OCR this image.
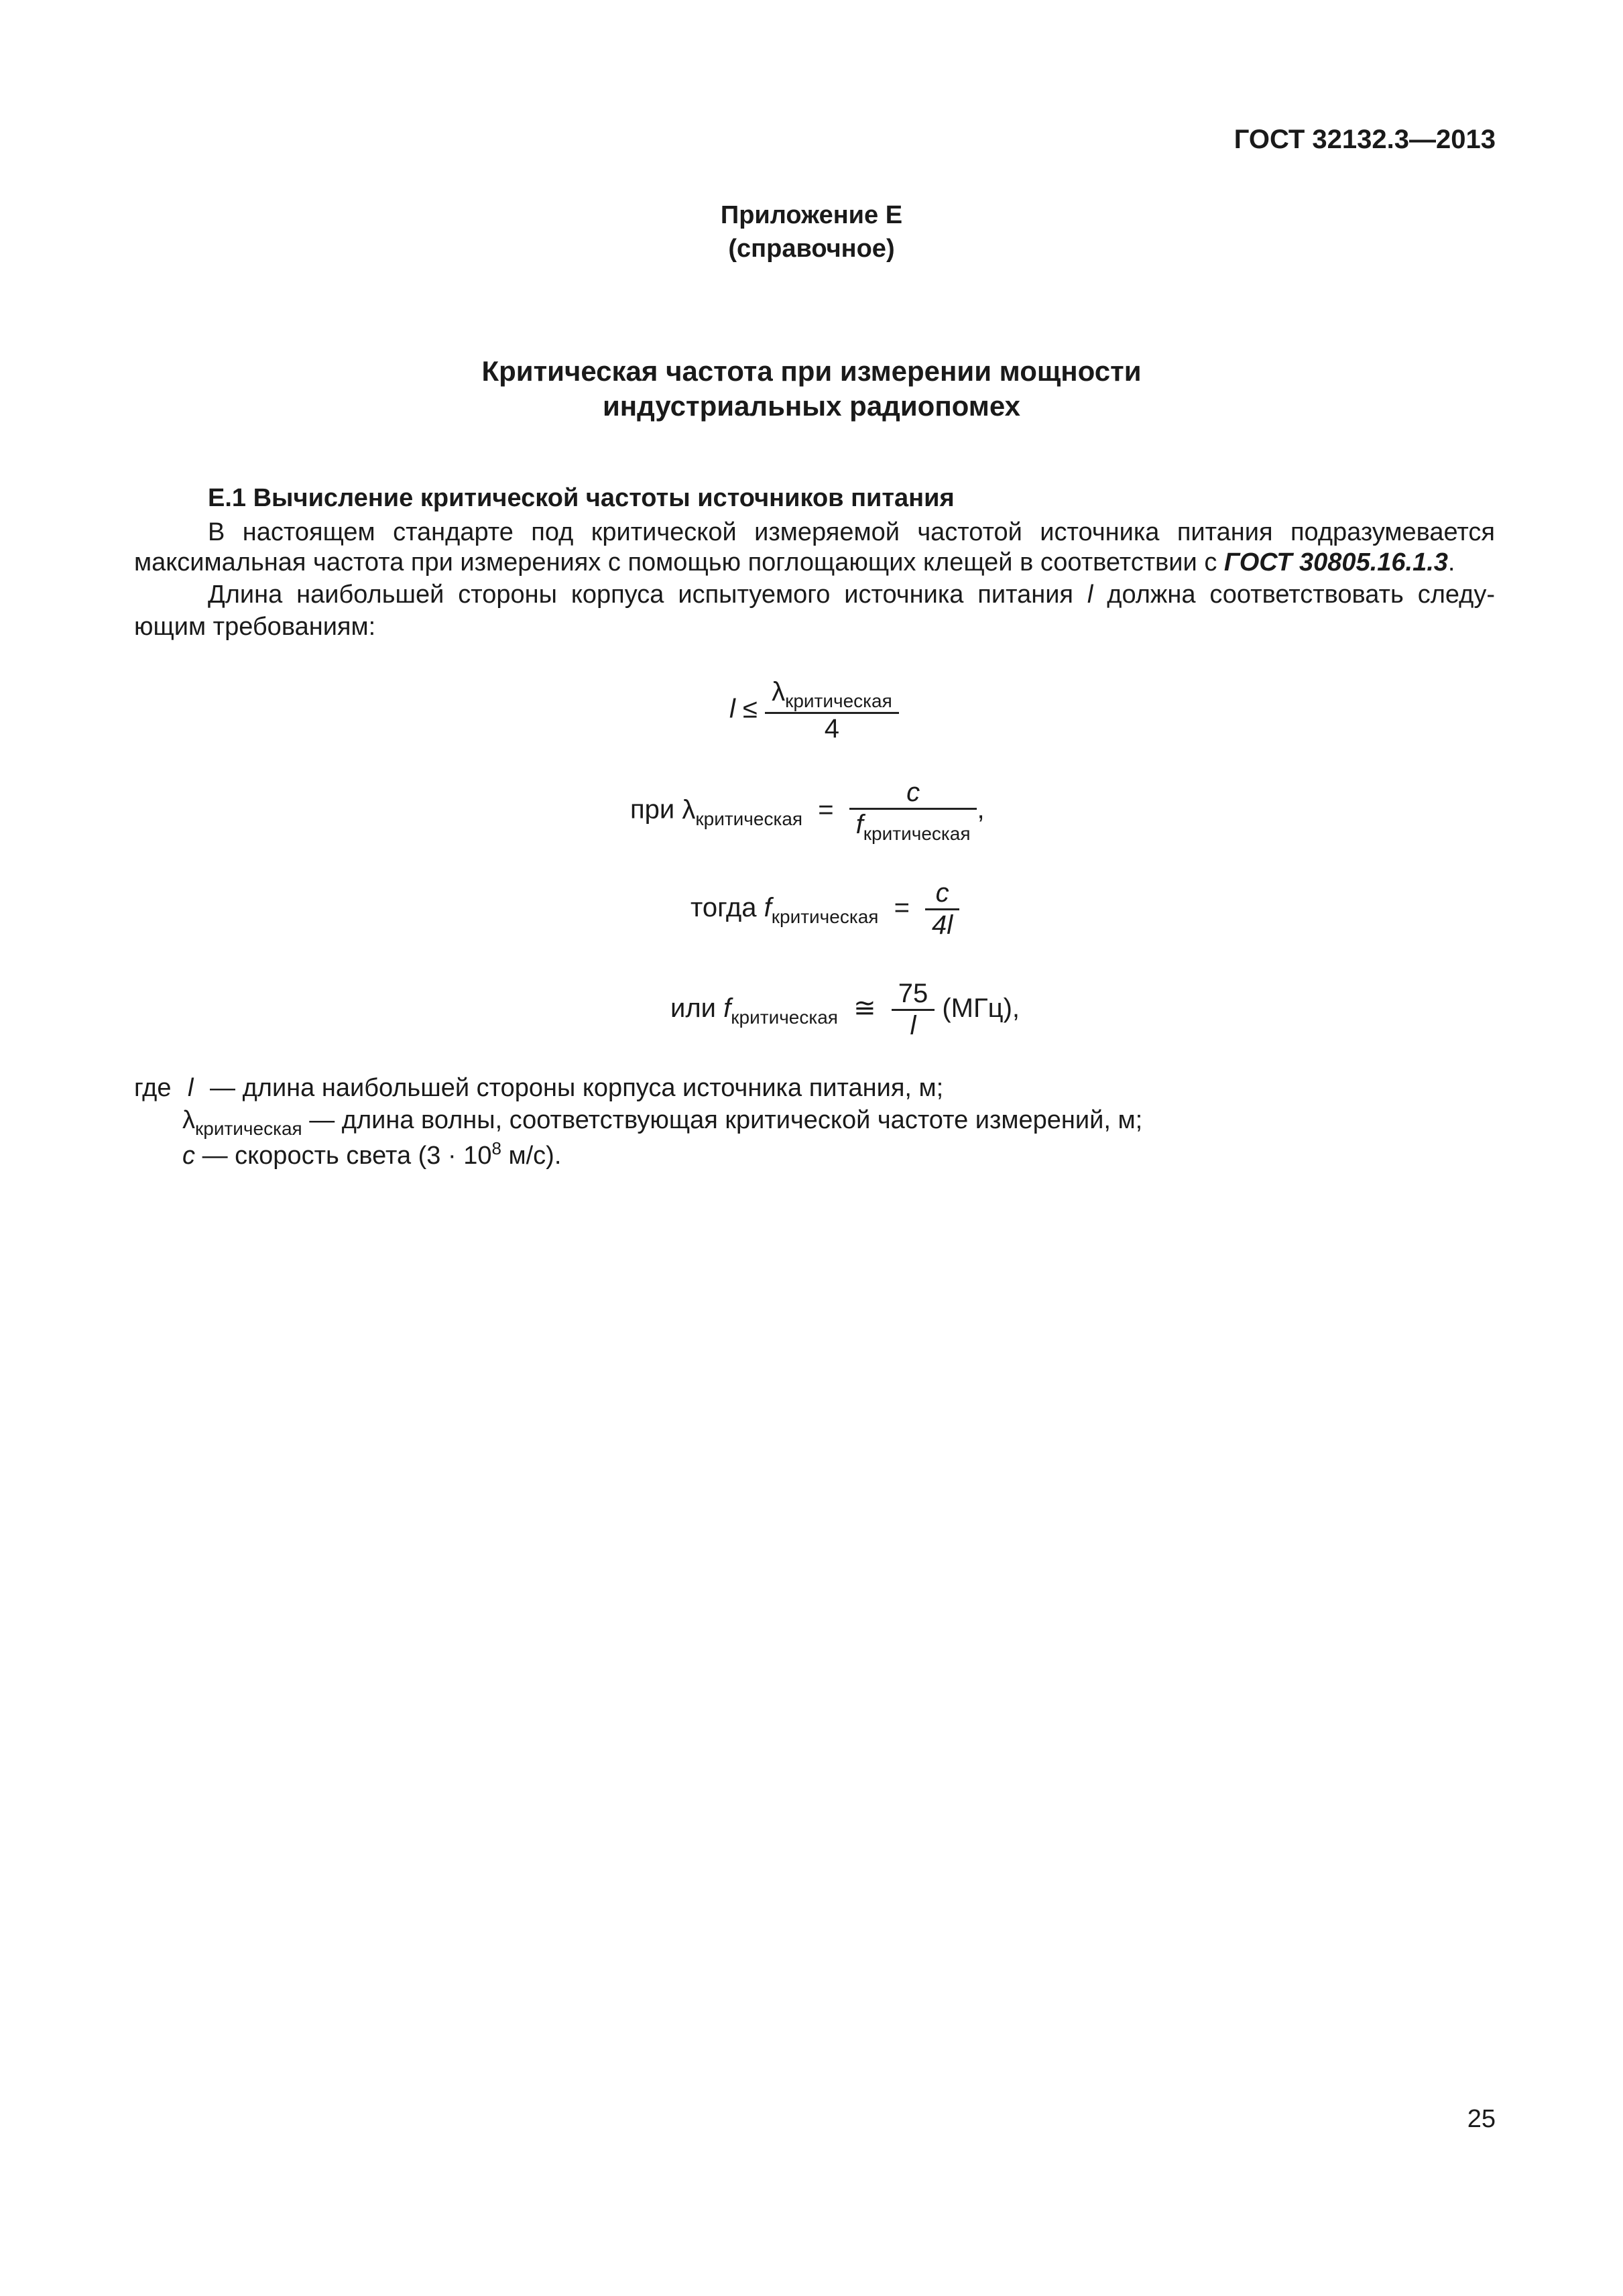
ГОСТ 32132.3—2013
Приложение Е
(справочное)
Критическая частота при измерении мощности
индустриальных радиопомех
Е.1 Вычисление критической частоты источников питания
В настоящем стандарте под критической измеряемой частотой источника питания подразумевается
максимальная частота при измерениях с помощью поглощающих клещей в соответствии с ГОСТ 30805.16.1.3.
Длина наибольшей стороны корпуса испытуемого источника питания l должна соответствовать следу-
ющим требованиям:
$l \le \frac{\lambda_{критическая}}{4}$
при $\lambda_{критическая} = \frac{c}{f_{критическая}}$ ,
тогда $f_{критическая} = \frac{c}{4l}$
или $f_{критическая}$ ≅ $\frac{75}{l} (МГц)$,
где l — длина наибольшей стороны корпуса источника питания, м;
$\lambda_{критическая}$ — длина волны, соответствующая критической частоте измерений, м;
c — скорость света ($3 \cdot 10^8$ м/с).
25
